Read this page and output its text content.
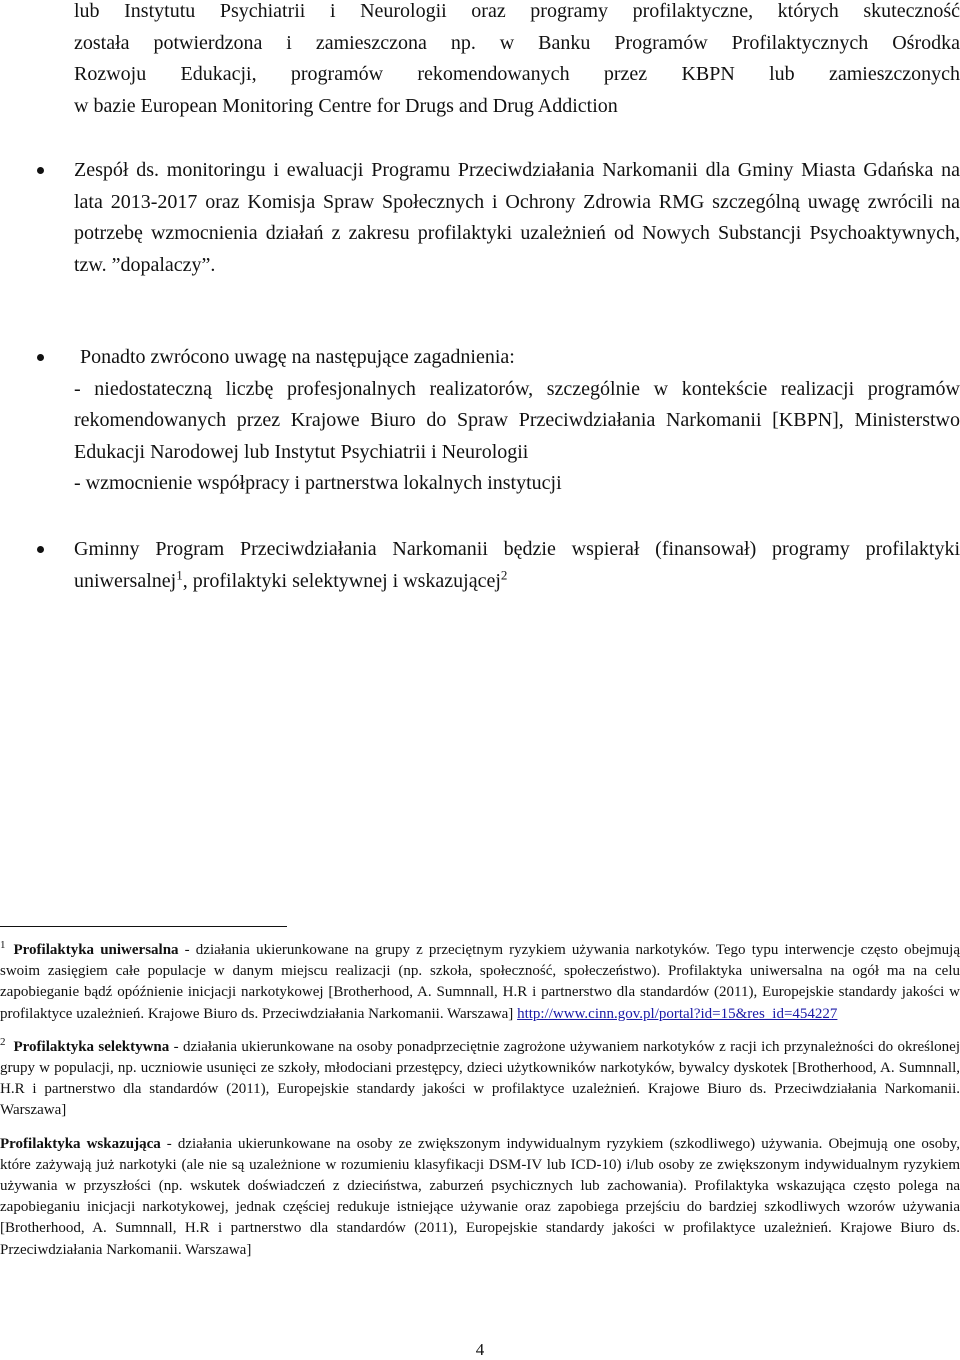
lub Instytutu Psychiatrii i Neurologii oraz programy profilaktyczne, których skuteczność
została potwierdzona i zamieszczona np. w Banku Programów Profilaktycznych Ośrodka
Rozwoju Edukacji, programów rekomendowanych przez KBPN lub zamieszczonych
w bazie European Monitoring Centre for Drugs and Drug Addiction

Zespół ds. monitoringu i ewaluacji Programu Przeciwdziałania Narkomanii dla Gminy Miasta Gdańska na lata 2013-2017 oraz Komisja Spraw Społecznych i Ochrony Zdrowia RMG szczególną uwagę zwrócili na potrzebę wzmocnienia działań z zakresu profilaktyki uzależnień od Nowych Substancji Psychoaktywnych, tzw. ”dopalaczy”.

Ponadto zwrócono uwagę na następujące zagadnienia:

- niedostateczną liczbę profesjonalnych realizatorów, szczególnie w kontekście realizacji programów rekomendowanych przez Krajowe Biuro do Spraw Przeciwdziałania Narkomanii [KBPN], Ministerstwo Edukacji Narodowej lub Instytut Psychiatrii i Neurologii

- wzmocnienie współpracy i partnerstwa lokalnych instytucji

Gminny Program Przeciwdziałania Narkomanii będzie wspierał (finansował) programy profilaktyki uniwersalnej$^1$, profilaktyki selektywnej i wskazującej$^2$

$^1$ Profilaktyka uniwersalna - działania ukierunkowane na grupy z przeciętnym ryzykiem używania narkotyków. Tego typu interwencje często obejmują swoim zasięgiem całe populacje w danym miejscu realizacji (np. szkoła, społeczność, społeczeństwo). Profilaktyka uniwersalna na ogół ma na celu zapobieganie bądź opóźnienie inicjacji narkotykowej [Brotherhood, A. Sumnnall, H.R i partnerstwo dla standardów (2011), Europejskie standardy jakości w profilaktyce uzależnień. Krajowe Biuro ds. Przeciwdziałania Narkomanii. Warszawa] http://www.cinn.gov.pl/portal?id=15&res_id=454227

$^2$ Profilaktyka selektywna - działania ukierunkowane na osoby ponadprzeciętnie zagrożone używaniem narkotyków z racji ich przynależności do określonej grupy w populacji, np. uczniowie usunięci ze szkoły, młodociani przestępcy, dzieci użytkowników narkotyków, bywalcy dyskotek [Brotherhood, A. Sumnnall, H.R i partnerstwo dla standardów (2011), Europejskie standardy jakości w profilaktyce uzależnień. Krajowe Biuro ds. Przeciwdziałania Narkomanii. Warszawa]

Profilaktyka wskazująca - działania ukierunkowane na osoby ze zwiększonym indywidualnym ryzykiem (szkodliwego) używania. Obejmują one osoby, które zażywają już narkotyki (ale nie są uzależnione w rozumieniu klasyfikacji DSM-IV lub ICD-10) i/lub osoby ze zwiększonym indywidualnym ryzykiem używania w przyszłości (np. wskutek doświadczeń z dzieciństwa, zaburzeń psychicznych lub zachowania). Profilaktyka wskazująca często polega na zapobieganiu inicjacji narkotykowej, jednak częściej redukuje istniejące używanie oraz zapobiega przejściu do bardziej szkodliwych wzorów używania [Brotherhood, A. Sumnnall, H.R i partnerstwo dla standardów (2011), Europejskie standardy jakości w profilaktyce uzależnień. Krajowe Biuro ds. Przeciwdziałania Narkomanii. Warszawa]

4
